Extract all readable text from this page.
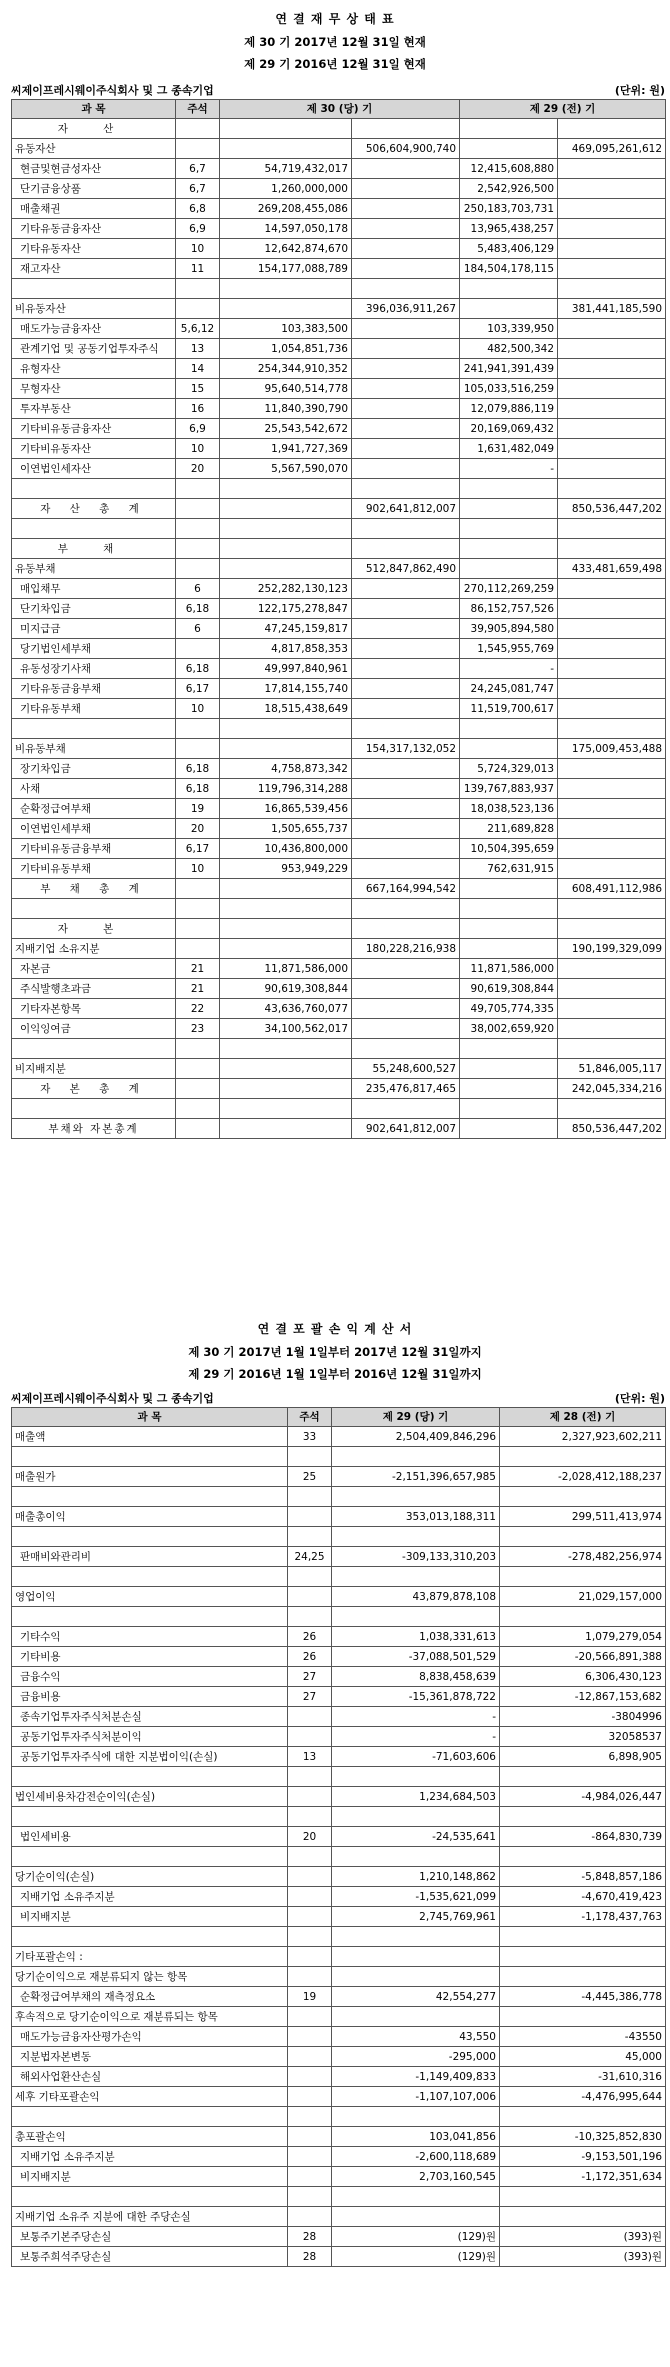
연 결 재 무 상 태 표
제 30 기 2017년 12월 31일 현재
제 29 기 2016년 12월 31일 현재
씨제이프레시웨이주식회사 및 그 종속기업	(단위: 원)
과 목	주석	제 30 (당) 기		제 29 (전) 기	
자 산					
유동자산			506,604,900,740		469,095,261,612
현금및현금성자산	6,7	54,719,432,017		12,415,608,880	
단기금융상품	6,7	1,260,000,000		2,542,926,500	
매출채권	6,8	269,208,455,086		250,183,703,731	
기타유동금융자산	6,9	14,597,050,178		13,965,438,257	
기타유동자산	10	12,642,874,670		5,483,406,129	
재고자산	11	154,177,088,789		184,504,178,115	

비유동자산			396,036,911,267		381,441,185,590
매도가능금융자산	5,6,12	103,383,500		103,339,950	
관계기업 및 공동기업투자주식	13	1,054,851,736		482,500,342	
유형자산	14	254,344,910,352		241,941,391,439	
무형자산	15	95,640,514,778		105,033,516,259	
투자부동산	16	11,840,390,790		12,079,886,119	
기타비유동금융자산	6,9	25,543,542,672		20,169,069,432	
기타비유동자산	10	1,941,727,369		1,631,482,049	
이연법인세자산	20	5,567,590,070		-	

자 산 총 계			902,641,812,007		850,536,447,202

부 채					
유동부채			512,847,862,490		433,481,659,498
매입채무	6	252,282,130,123		270,112,269,259	
단기차입금	6,18	122,175,278,847		86,152,757,526	
미지급금	6	47,245,159,817		39,905,894,580	
당기법인세부채		4,817,858,353		1,545,955,769	
유동성장기사채	6,18	49,997,840,961		-	
기타유동금융부채	6,17	17,814,155,740		24,245,081,747	
기타유동부채	10	18,515,438,649		11,519,700,617	

비유동부채			154,317,132,052		175,009,453,488
장기차입금	6,18	4,758,873,342		5,724,329,013	
사채	6,18	119,796,314,288		139,767,883,937	
순확정급여부채	19	16,865,539,456		18,038,523,136	
이연법인세부채	20	1,505,655,737		211,689,828	
기타비유동금융부채	6,17	10,436,800,000		10,504,395,659	
기타비유동부채	10	953,949,229		762,631,915	
부 채 총 계			667,164,994,542		608,491,112,986

자 본					
지배기업 소유지분			180,228,216,938		190,199,329,099
자본금	21	11,871,586,000		11,871,586,000	
주식발행초과금	21	90,619,308,844		90,619,308,844	
기타자본항목	22	43,636,760,077		49,705,774,335	
이익잉여금	23	34,100,562,017		38,002,659,920	

비지배지분			55,248,600,527		51,846,005,117
자 본 총 계			235,476,817,465		242,045,334,216

부채와 자본총계			902,641,812,007		850,536,447,202
연 결 포 괄 손 익 계 산 서
제 30 기 2017년 1월 1일부터 2017년 12월 31일까지
제 29 기 2016년 1월 1일부터 2016년 12월 31일까지
씨제이프레시웨이주식회사 및 그 종속기업	(단위: 원)
과 목	주석	제 29 (당) 기	제 28 (전) 기
매출액	33	2,504,409,846,296	2,327,923,602,211

매출원가	25	-2,151,396,657,985	-2,028,412,188,237

매출총이익		353,013,188,311	299,511,413,974

판매비와관리비	24,25	-309,133,310,203	-278,482,256,974

영업이익		43,879,878,108	21,029,157,000

기타수익	26	1,038,331,613	1,079,279,054
기타비용	26	-37,088,501,529	-20,566,891,388
금융수익	27	8,838,458,639	6,306,430,123
금융비용	27	-15,361,878,722	-12,867,153,682
종속기업투자주식처분손실		-	-3804996
공동기업투자주식처분이익		-	32058537
공동기업투자주식에 대한 지분법이익(손실)	13	-71,603,606	6,898,905

법인세비용차감전순이익(손실)		1,234,684,503	-4,984,026,447

법인세비용	20	-24,535,641	-864,830,739

당기순이익(손실)		1,210,148,862	-5,848,857,186
지배기업 소유주지분		-1,535,621,099	-4,670,419,423
비지배지분		2,745,769,961	-1,178,437,763

기타포괄손익 :			
당기순이익으로 재분류되지 않는 항목			
순확정급여부채의 재측정요소	19	42,554,277	-4,445,386,778
후속적으로 당기순이익으로 재분류되는 항목			
매도가능금융자산평가손익		43,550	-43550
지분법자본변동		-295,000	45,000
해외사업환산손실		-1,149,409,833	-31,610,316
세후 기타포괄손익		-1,107,107,006	-4,476,995,644

총포괄손익		103,041,856	-10,325,852,830
지배기업 소유주지분		-2,600,118,689	-9,153,501,196
비지배지분		2,703,160,545	-1,172,351,634

지배기업 소유주 지분에 대한 주당손실			
보통주기본주당손실	28	(129)원	(393)원
보통주희석주당손실	28	(129)원	(393)원
